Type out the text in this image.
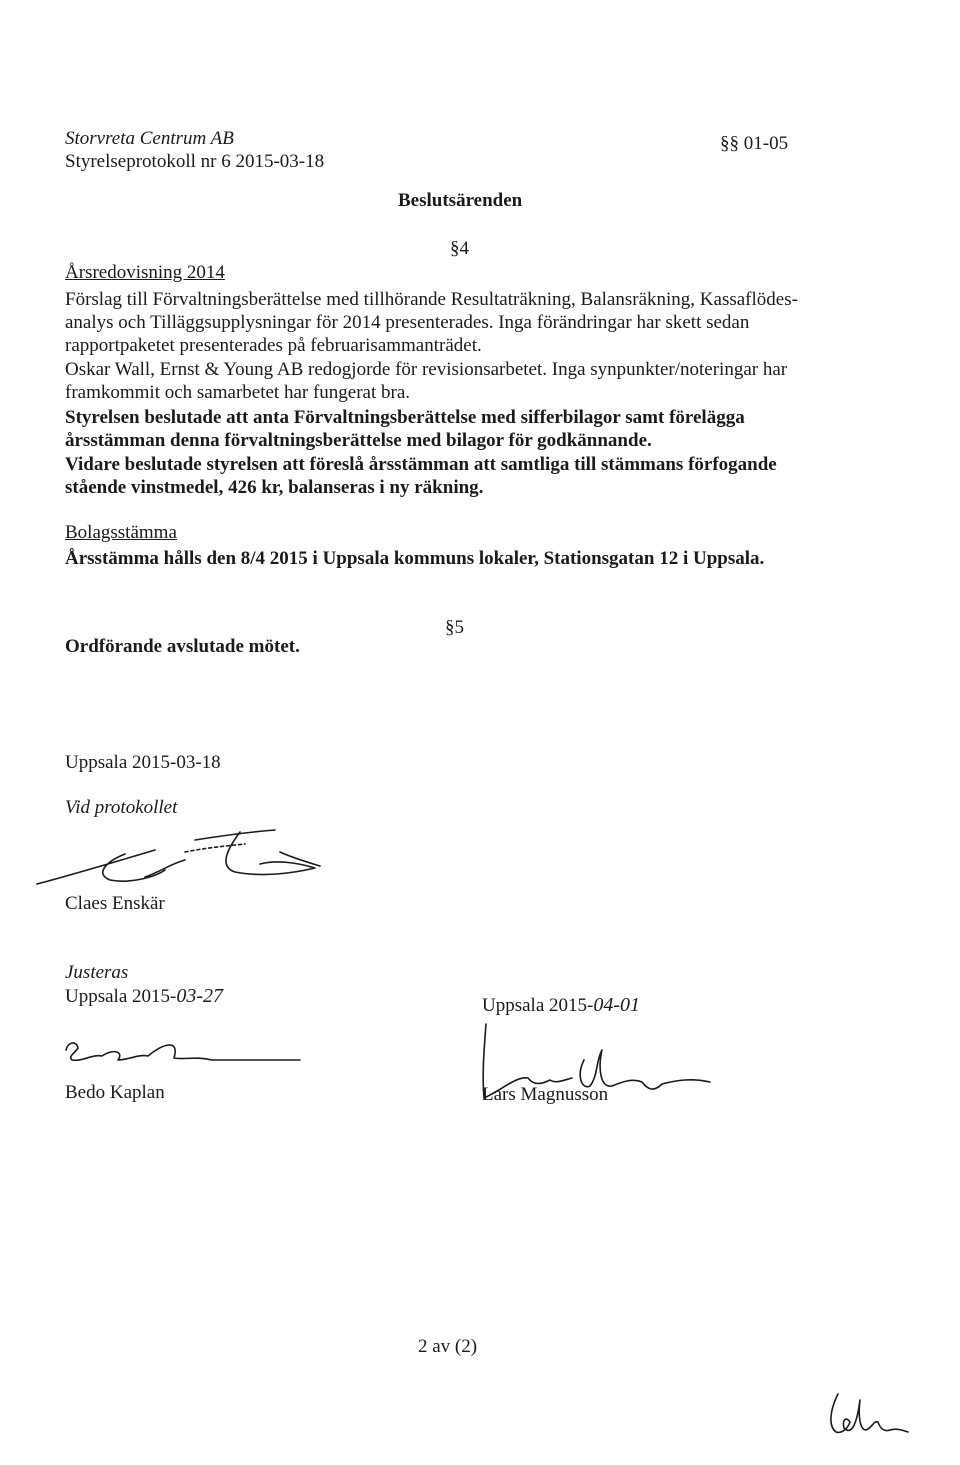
Storvreta Centrum AB
Styrelseprotokoll nr 6 2015-03-18
§§ 01-05
Beslutsärenden
§4
Årsredovisning 2014
Förslag till Förvaltningsberättelse med tillhörande Resultaträkning, Balansräkning, Kassaflödes-
analys och Tilläggsupplysningar för 2014 presenterades. Inga förändringar har skett sedan
rapportpaketet presenterades på februarisammanträdet.
Oskar Wall, Ernst & Young AB redogjorde för revisionsarbetet. Inga synpunkter/noteringar har
framkommit och samarbetet har fungerat bra.
Styrelsen beslutade att anta Förvaltningsberättelse med sifferbilagor samt förelägga
årsstämman denna förvaltningsberättelse med bilagor för godkännande.
Vidare beslutade styrelsen att föreslå årsstämman att samtliga till stämmans förfogande
stående vinstmedel, 426 kr, balanseras i ny räkning.
Bolagsstämma
Årsstämma hålls den 8/4 2015 i Uppsala kommuns lokaler, Stationsgatan 12 i Uppsala.
§5
Ordförande avslutade mötet.
Uppsala 2015-03-18
Vid protokollet
Claes Enskär
Justeras
Uppsala 2015-03-27
Bedo Kaplan
Uppsala 2015-04-01
Lars Magnusson
2 av (2)
